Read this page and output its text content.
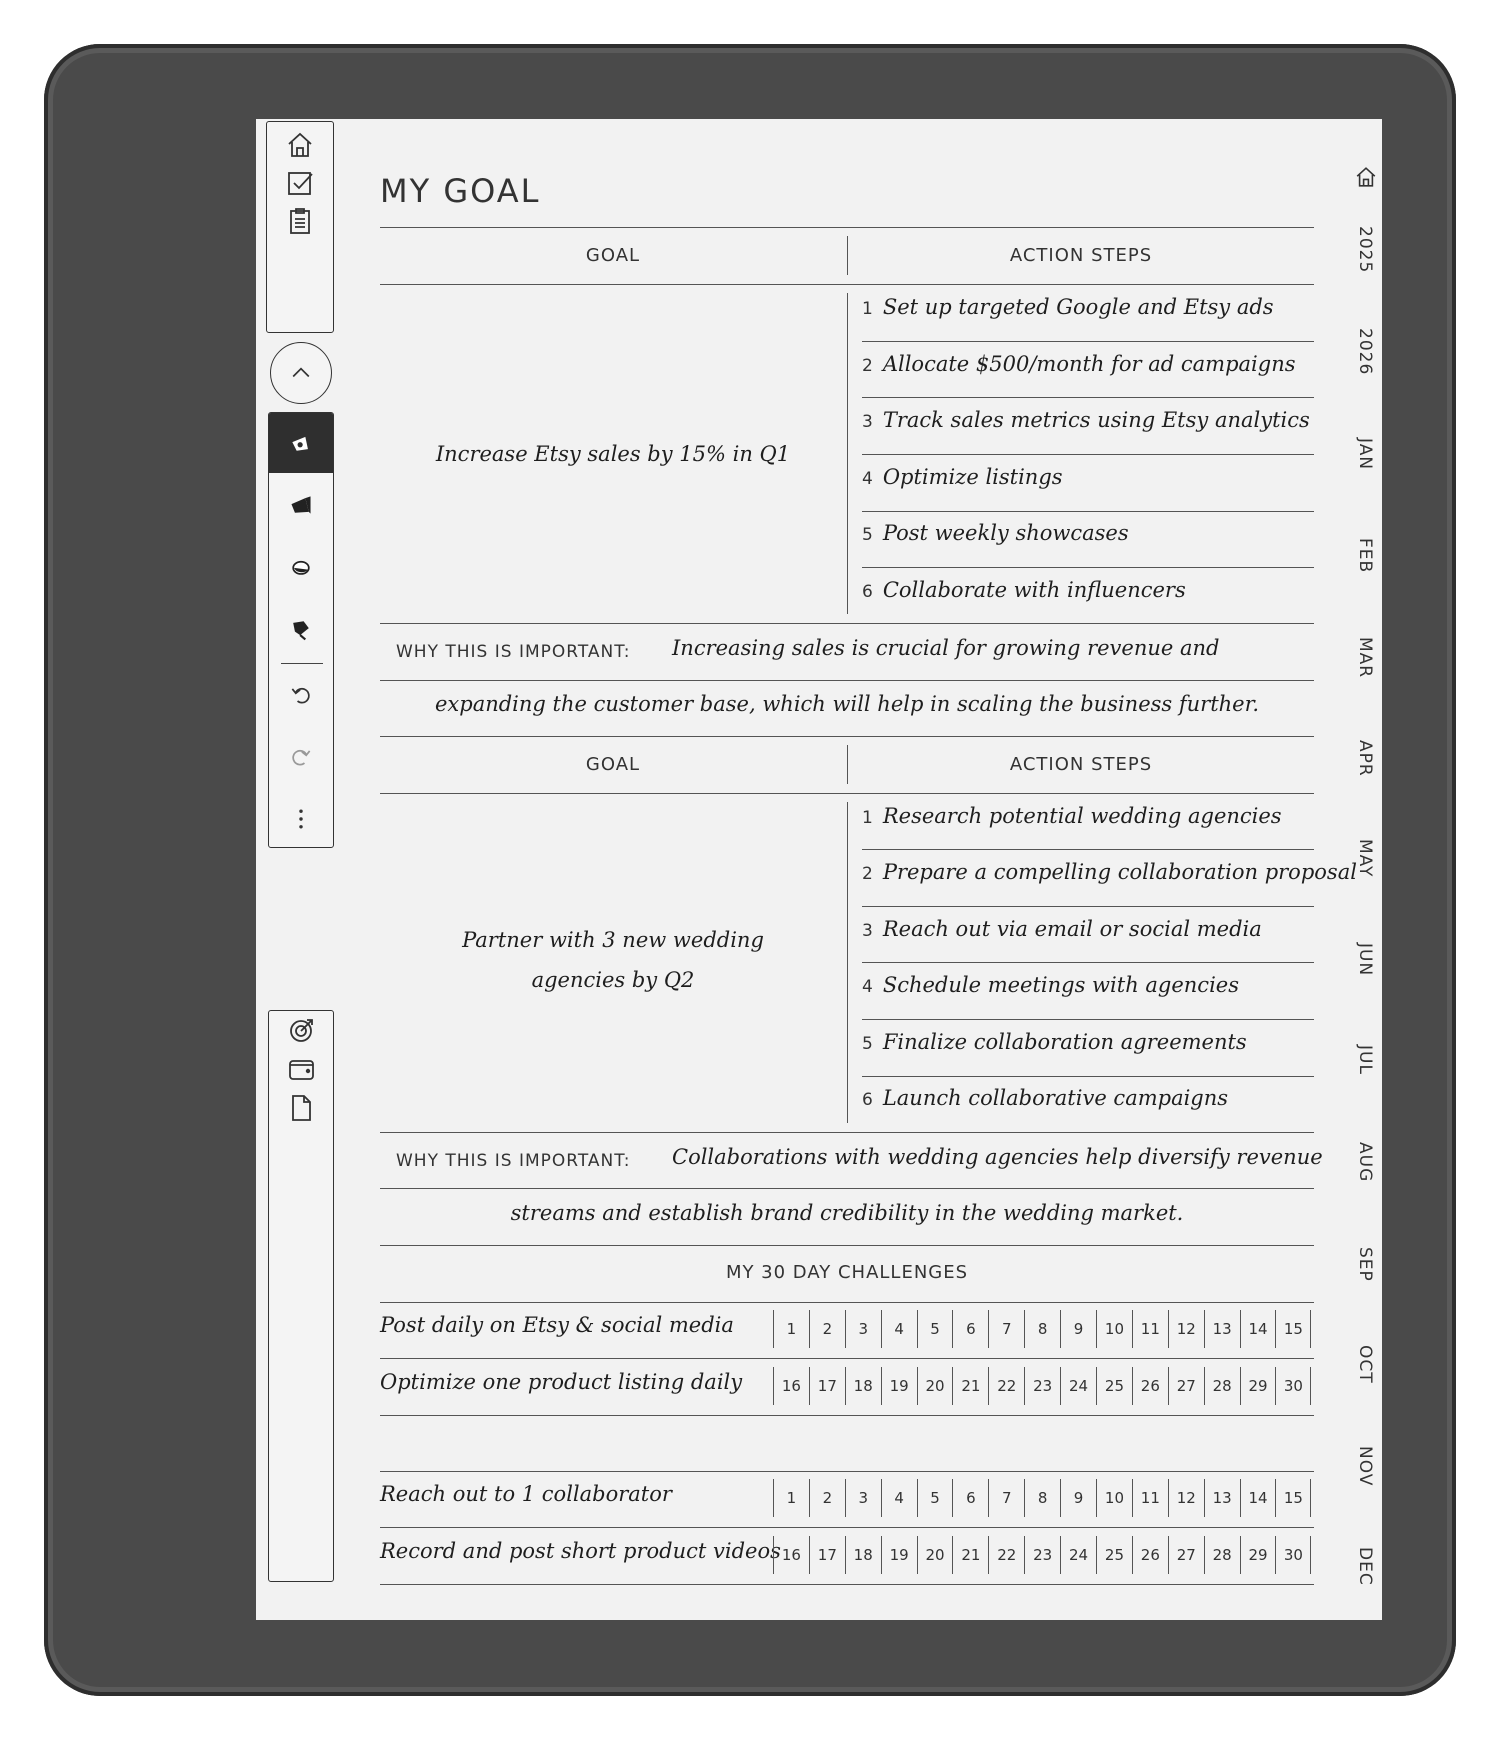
MY GOAL
GOAL	ACTION STEPS
Increase Etsy sales by 15% in Q1
1 Set up targeted Google and Etsy ads
2 Allocate $500/month for ad campaigns
3 Track sales metrics using Etsy analytics
4 Optimize listings
5 Post weekly showcases
6 Collaborate with influencers
WHY THIS IS IMPORTANT: Increasing sales is crucial for growing revenue and
expanding the customer base, which will help in scaling the business further.
GOAL	ACTION STEPS
Partner with 3 new wedding
agencies by Q2
1 Research potential wedding agencies
2 Prepare a compelling collaboration proposal
3 Reach out via email or social media
4 Schedule meetings with agencies
5 Finalize collaboration agreements
6 Launch collaborative campaigns
WHY THIS IS IMPORTANT: Collaborations with wedding agencies help diversify revenue
streams and establish brand credibility in the wedding market.
MY 30 DAY CHALLENGES
Post daily on Etsy & social media	1	2	3	4	5	6	7	8	9	10	11	12	13	14	15
Optimize one product listing daily	16	17	18	19	20	21	22	23	24	25	26	27	28	29	30
Reach out to 1 collaborator	1	2	3	4	5	6	7	8	9	10	11	12	13	14	15
Record and post short product videos 16	17	18	19	20	21	22	23	24	25	26	27	28	29	30
2025
2026
JAN
FEB
MAR
APR
MAY
JUN
JUL
AUG
SEP
OCT
NOV
DEC
